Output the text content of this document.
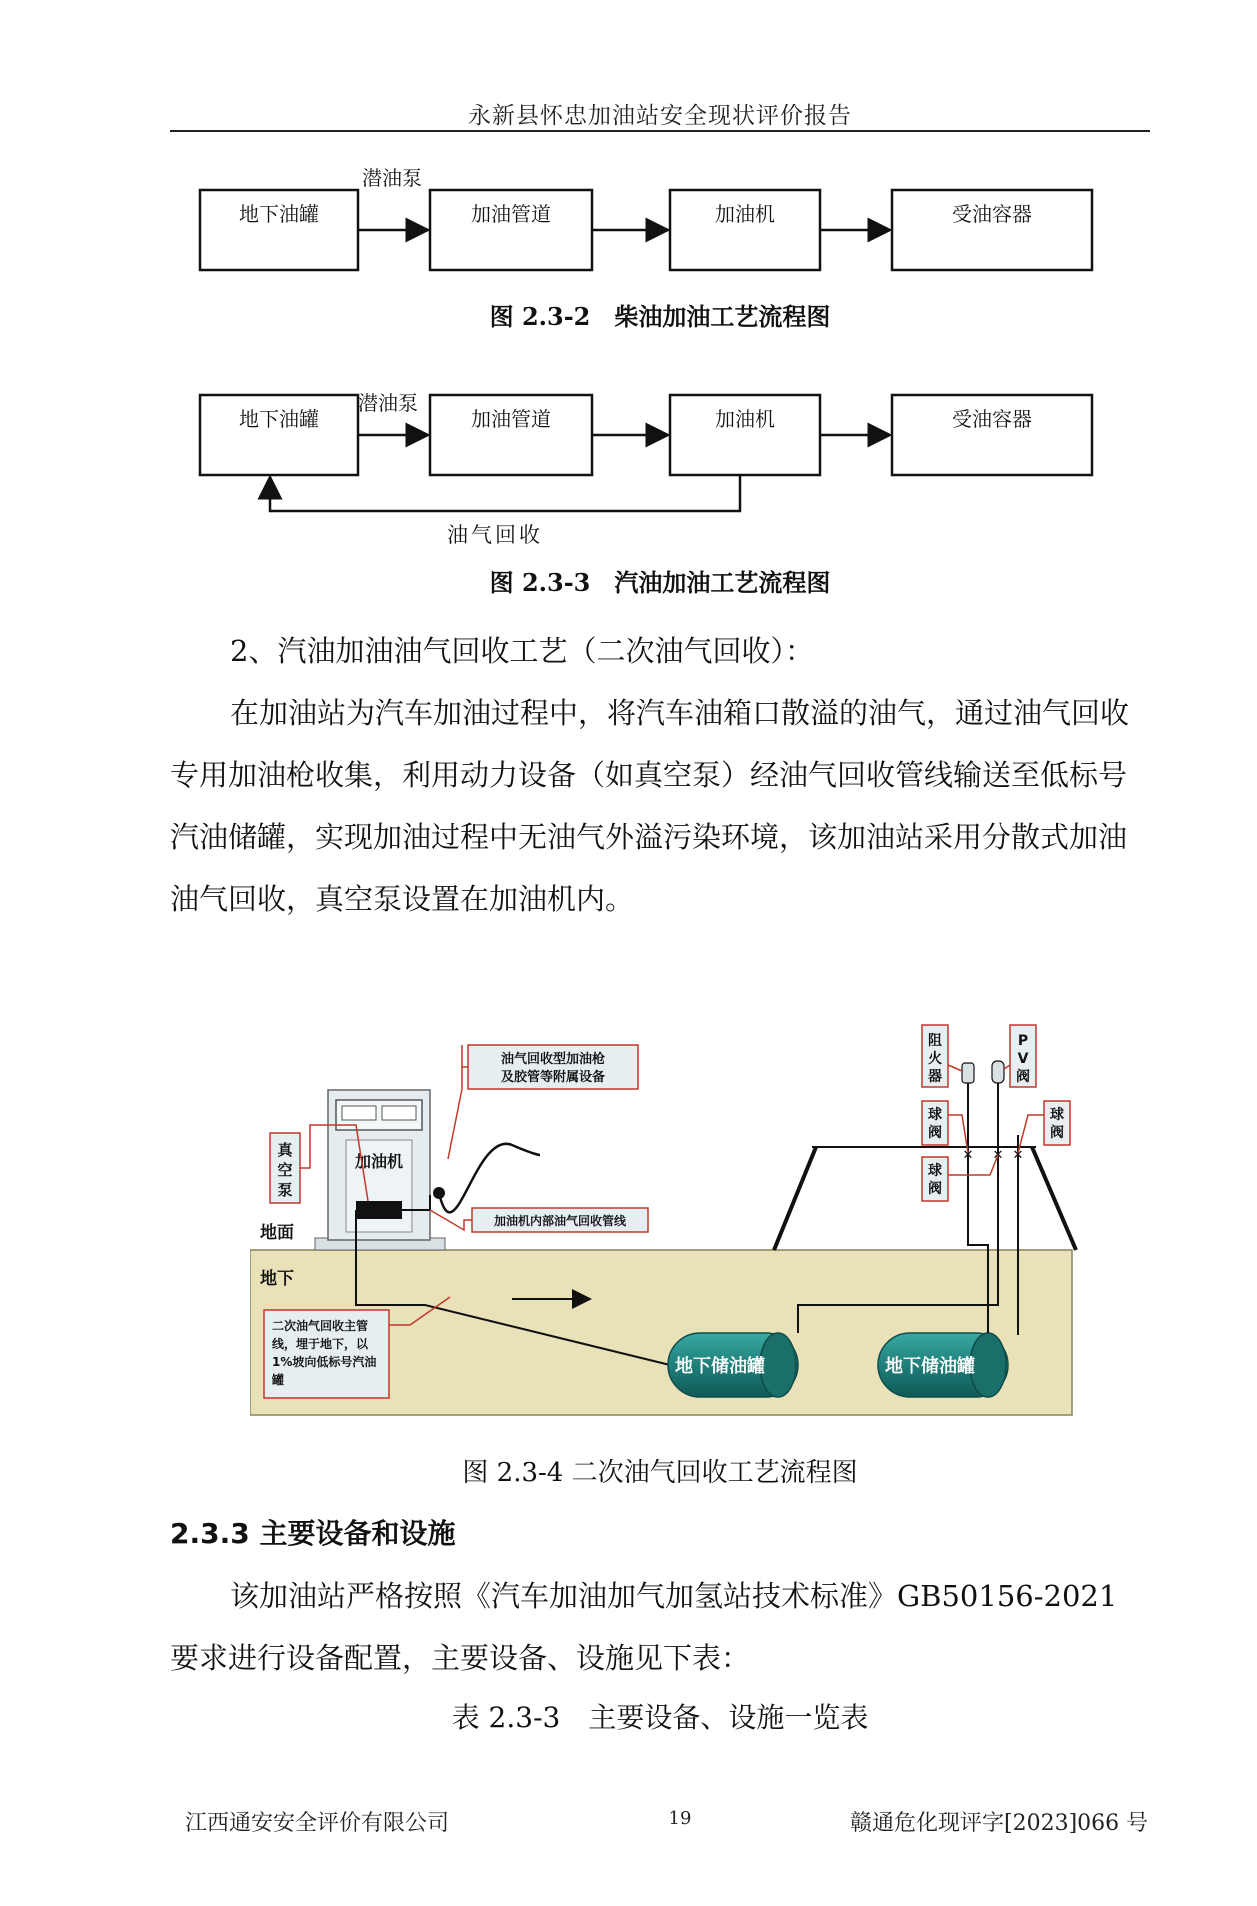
永新县怀忠加油站安全现状评价报告
地下油罐	加油管道	加油机	受油容器
潜油泵
图 2.3-2　柴油加油工艺流程图
地下油罐	加油管道	加油机	受油容器
潜油泵
油气回收
图 2.3-3　汽油加油工艺流程图
2、汽油加油油气回收工艺（二次油气回收）：
在加油站为汽车加油过程中，将汽车油箱口散溢的油气，通过油气回收专用加油枪收集，利用动力设备（如真空泵）经油气回收管线输送至低标号汽油储罐，实现加油过程中无油气外溢污染环境，该加油站采用分散式加油油气回收，真空泵设置在加油机内。
地面
地下
加油机
油气回收型加油枪
及胶管等附属设备
真
空
泵
加油机内部油气回收管线
二次油气回收主管
线，埋于地下，以
1%坡向低标号汽油
罐
地下储油罐	地下储油罐
✕ ✕ ✕
阻
火
器
P
V
阀
球
阀
球
阀
球
阀
图 2.3-4 二次油气回收工艺流程图
2.3.3 主要设备和设施
该加油站严格按照《汽车加油加气加氢站技术标准》GB50156-2021 要求进行设备配置，主要设备、设施见下表：
表 2.3-3　主要设备、设施一览表
江西通安安全评价有限公司	19	赣通危化现评字[2023]066 号
